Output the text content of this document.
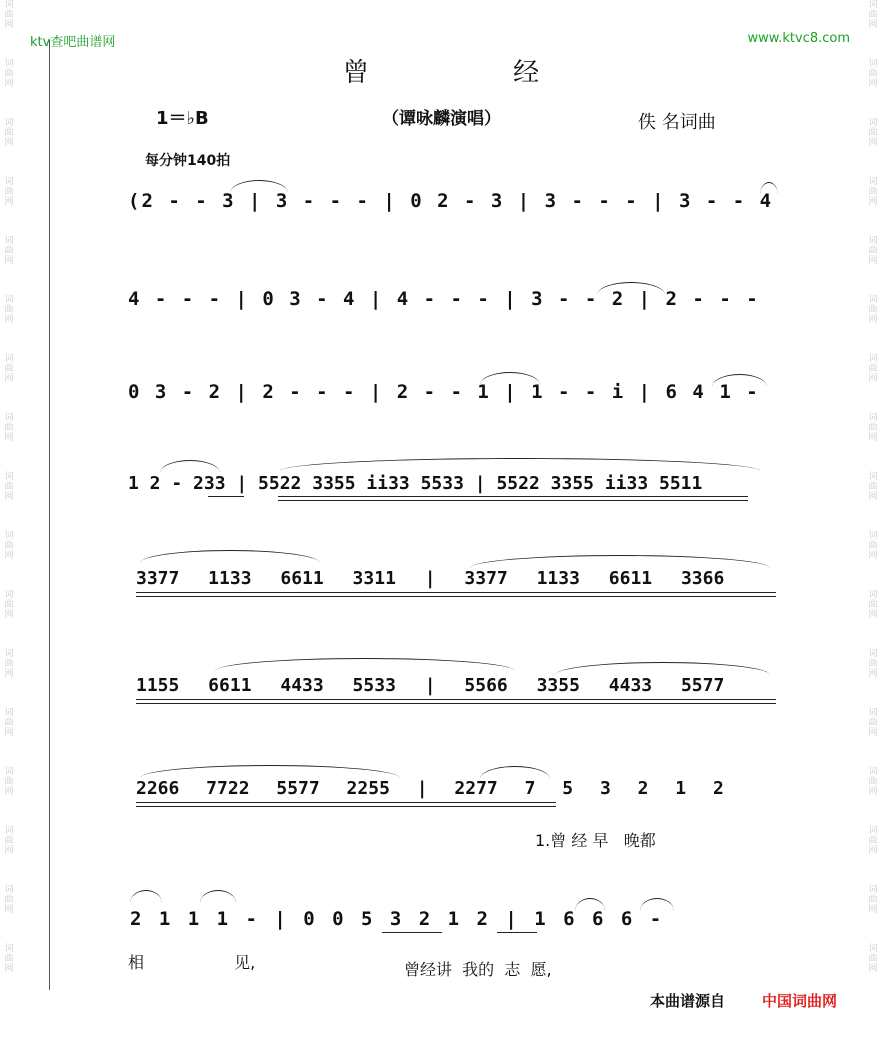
词
曲
网
词
曲
网
词
曲
网
词
曲
网
词
曲
网
词
曲
网
词
曲
网
词
曲
网
词
曲
网
词
曲
网
词
曲
网
词
曲
网
词
曲
网
词
曲
网
词
曲
网
词
曲
网
词
曲
网
词
曲
网
词
曲
网
词
曲
网
词
曲
网
词
曲
网
词
曲
网
词
曲
网
词
曲
网
词
曲
网
词
曲
网
词
曲
网
词
曲
网
词
曲
网
词
曲
网
词
曲
网
词
曲
网
词
曲
网
ktv查吧曲谱网	www.ktvc8.com
曾 经
1＝♭B	（谭咏麟演唱）	佚 名词曲
每分钟140拍
(2 - - 3 | 3 - - - | 0 2 - 3 | 3 - - - | 3 - - 4
4 - - - | 0 3 - 4 | 4 - - - | 3 - - 2 | 2 - - -
0 3 - 2 | 2 - - - | 2 - - 1 | 1 - - i | 6 4 1 -
1 2 - 233 | 5522 3355 ii33 5533 | 5522 3355 ii33 5511
3377 1133 6611 3311 | 3377 1133 6611 3366
1155 6611 4433 5533 | 5566 3355 4433 5577
2266 7722 5577 2255 | 2277 7 5 3 2 1 2
2 1 1 1 - | 0 0 5 3 2 1 2 | 1 6 6 6 -
1.曾 经 早   晚都
相  见,	曾经讲  我的  志  愿,
本曲谱源自 中国词曲网
